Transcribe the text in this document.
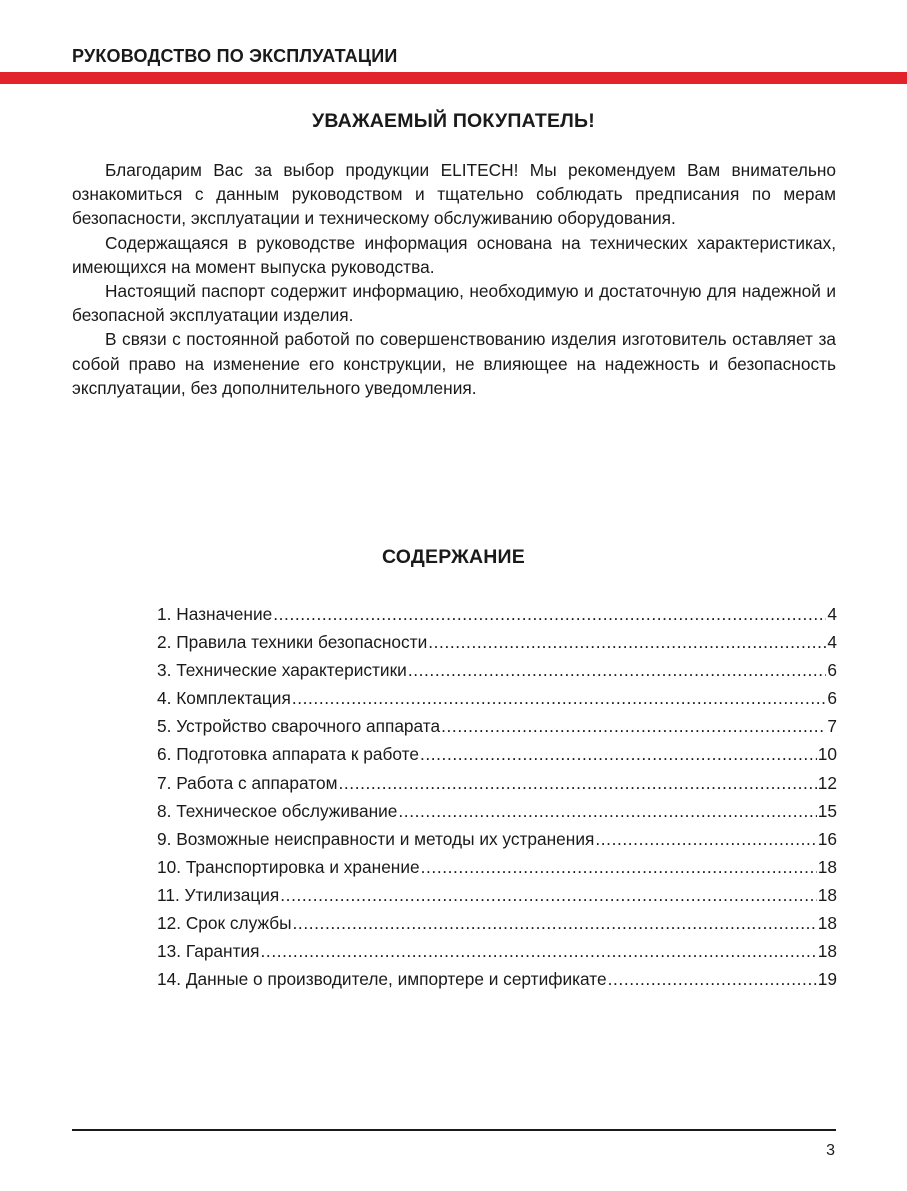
РУКОВОДСТВО ПО ЭКСПЛУАТАЦИИ
УВАЖАЕМЫЙ ПОКУПАТЕЛЬ!

Благодарим Вас за выбор продукции ELITECH! Мы рекомендуем Вам внимательно ознакомиться с данным руководством и тщательно соблюдать предписания по мерам безопасности, эксплуатации и техническому обслуживанию оборудования.

Содержащаяся в руководстве информация основана на технических характеристиках, имеющихся на момент выпуска руководства.

Настоящий паспорт содержит информацию, необходимую и достаточную для надежной и безопасной эксплуатации изделия.

В связи с постоянной работой по совершенствованию изделия изготовитель оставляет за собой право на изменение его конструкции, не влияющее на надежность и безопасность эксплуатации, без дополнительного уведомления.

СОДЕРЖАНИЕ
1. Назначение .....	4
2. Правила техники безопасности .....	4
3. Технические характеристики .....	6
4. Комплектация .....	6
5. Устройство сварочного аппарата .....	7
6. Подготовка аппарата к работе .....	10
7. Работа с аппаратом .....	12
8. Техническое обслуживание .....	15
9. Возможные неисправности и методы их устранения .....	16
10. Транспортировка и хранение .....	18
11. Утилизация .....	18
12. Срок службы .....	18
13. Гарантия .....	18
14. Данные о производителе, импортере и сертификате .....	19
3
